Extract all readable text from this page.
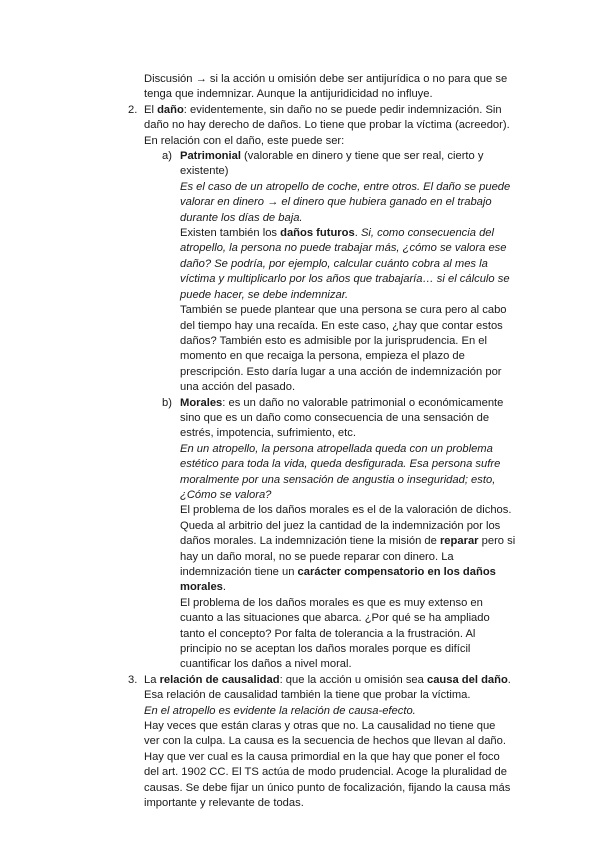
Discusión → si la acción u omisión debe ser antijurídica o no para que se tenga que indemnizar. Aunque la antijuridicidad no influye.

2. El daño: evidentemente, sin daño no se puede pedir indemnización. Sin daño no hay derecho de daños. Lo tiene que probar la víctima (acreedor). En relación con el daño, este puede ser:
a) Patrimonial (valorable en dinero y tiene que ser real, cierto y existente)

Es el caso de un atropello de coche, entre otros. El daño se puede valorar en dinero → el dinero que hubiera ganado en el trabajo durante los días de baja.

Existen también los daños futuros. Si, como consecuencia del atropello, la persona no puede trabajar más, ¿cómo se valora ese daño? Se podría, por ejemplo, calcular cuánto cobra al mes la víctima y multiplicarlo por los años que trabajaría… si el cálculo se puede hacer, se debe indemnizar.

También se puede plantear que una persona se cura pero al cabo del tiempo hay una recaída. En este caso, ¿hay que contar estos daños? También esto es admisible por la jurisprudencia. En el momento en que recaiga la persona, empieza el plazo de prescripción. Esto daría lugar a una acción de indemnización por una acción del pasado.

b) Morales: es un daño no valorable patrimonial o económicamente sino que es un daño como consecuencia de una sensación de estrés, impotencia, sufrimiento, etc.

En un atropello, la persona atropellada queda con un problema estético para toda la vida, queda desfigurada. Esa persona sufre moralmente por una sensación de angustia o inseguridad; esto, ¿Cómo se valora?

El problema de los daños morales es el de la valoración de dichos. Queda al arbitrio del juez la cantidad de la indemnización por los daños morales. La indemnización tiene la misión de reparar pero si hay un daño moral, no se puede reparar con dinero. La indemnización tiene un carácter compensatorio en los daños morales.

El problema de los daños morales es que es muy extenso en cuanto a las situaciones que abarca. ¿Por qué se ha ampliado tanto el concepto? Por falta de tolerancia a la frustración. Al principio no se aceptan los daños morales porque es difícil cuantificar los daños a nivel moral.

3. La relación de causalidad: que la acción u omisión sea causa del daño.

Esa relación de causalidad también la tiene que probar la víctima.

En el atropello es evidente la relación de causa-efecto.

Hay veces que están claras y otras que no. La causalidad no tiene que ver con la culpa. La causa es la secuencia de hechos que llevan al daño. Hay que ver cual es la causa primordial en la que hay que poner el foco del art. 1902 CC. El TS actúa de modo prudencial. Acoge la pluralidad de causas. Se debe fijar un único punto de focalización, fijando la causa más importante y relevante de todas.
